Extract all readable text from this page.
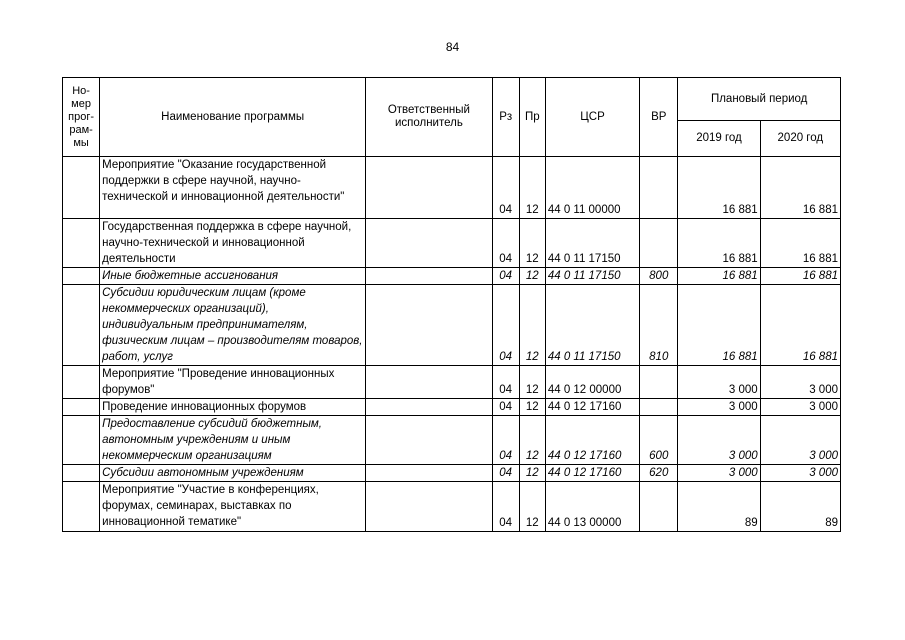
84
Но-
мер
прог-
рам-
мы	Наименование программы	Ответственный исполнитель	Рз	Пр	ЦСР	ВР	Плановый период	
							2019 год	2020 год
	Мероприятие "Оказание государственной поддержки в сфере научной, научно-технической и инновационной деятельности"		04	12	44 0 11 00000		16 881	16 881
	Государственная поддержка в сфере научной, научно-технической и инновационной деятельности		04	12	44 0 11 17150		16 881	16 881
	Иные бюджетные ассигнования		04	12	44 0 11 17150	800	16 881	16 881
	Субсидии юридическим лицам (кроме некоммерческих организаций), индивидуальным предпринимателям, физическим лицам – производителям товаров, работ, услуг		04	12	44 0 11 17150	810	16 881	16 881
	Мероприятие "Проведение инновационных форумов"		04	12	44 0 12 00000		3 000	3 000
	Проведение инновационных форумов		04	12	44 0 12 17160		3 000	3 000
	Предоставление субсидий бюджетным, автономным учреждениям и иным некоммерческим организациям		04	12	44 0 12 17160	600	3 000	3 000
	Субсидии автономным учреждениям		04	12	44 0 12 17160	620	3 000	3 000
	Мероприятие "Участие в конференциях, форумах, семинарах, выставках по инновационной тематике"		04	12	44 0 13 00000		89	89
